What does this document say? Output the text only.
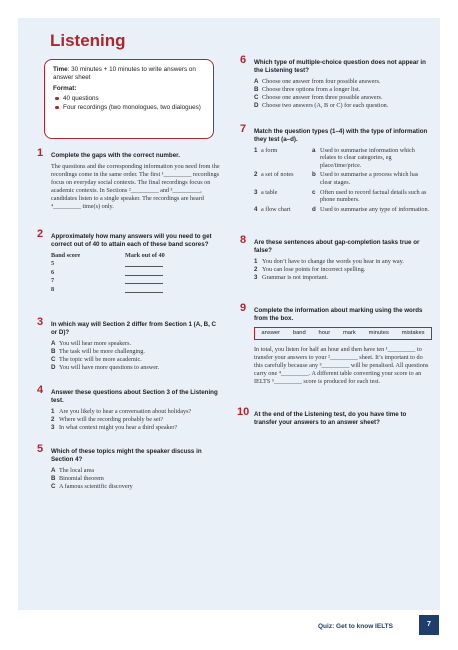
Listening
Time: 30 minutes + 10 minutes to write answers on answer sheet
Format:
40 questions
Four recordings (two monologues, two dialogues)
1 Complete the gaps with the correct number.
The questions and the corresponding information you need from the recordings come in the same order. The first ¹_________ recordings focus on everyday social contexts. The final recordings focus on academic contexts. In Sections ²_________ and ³_________, candidates listen to a single speaker. The recordings are heard ⁴_________ time(s) only.
2 Approximately how many answers will you need to get correct out of 40 to attain each of these band scores?
Band score	Mark out of 40
5
6
7
8
3 In which way will Section 2 differ from Section 1 (A, B, C or D)?
A You will hear more speakers.
B The task will be more challenging.
C The topic will be more academic.
D You will have more questions to answer.
4 Answer these questions about Section 3 of the Listening test.
1 Are you likely to hear a conversation about holidays?
2 Where will the recording probably be set?
3 In what context might you hear a third speaker?
5 Which of these topics might the speaker discuss in Section 4?
A The local area
B Binomial theorem
C A famous scientific discovery
6 Which type of multiple-choice question does not appear in the Listening test?
A Choose one answer from four possible answers.
B Choose three options from a longer list.
C Choose one answer from three possible answers.
D Choose two answers (A, B or C) for each question.
7 Match the question types (1–4) with the type of information they test (a–d).
1 a form	a Used to summarise information which relates to clear categories, eg place/time/price.
2 a set of notes	b Used to summarise a process which has clear stages.
3 a table	c Often used to record factual details such as phone numbers.
4 a flow chart	d Used to summarise any type of information.
8 Are these sentences about gap-completion tasks true or false?
1 You don’t have to change the words you hear in any way.
2 You can lose points for incorrect spelling.
3 Grammar is not important.
9 Complete the information about marking using the words from the box.
answer band hour mark minutes mistakes
In total, you listen for half an hour and then have ten ¹_________ to transfer your answers to your ²_________ sheet. It’s important to do this carefully because any ³_________ will be penalised. All questions carry one ⁴_________. A different table converting your score to an IELTS ⁵_________ score is produced for each test.
10 At the end of the Listening test, do you have time to transfer your answers to an answer sheet?
Quiz: Get to know IELTS	7
